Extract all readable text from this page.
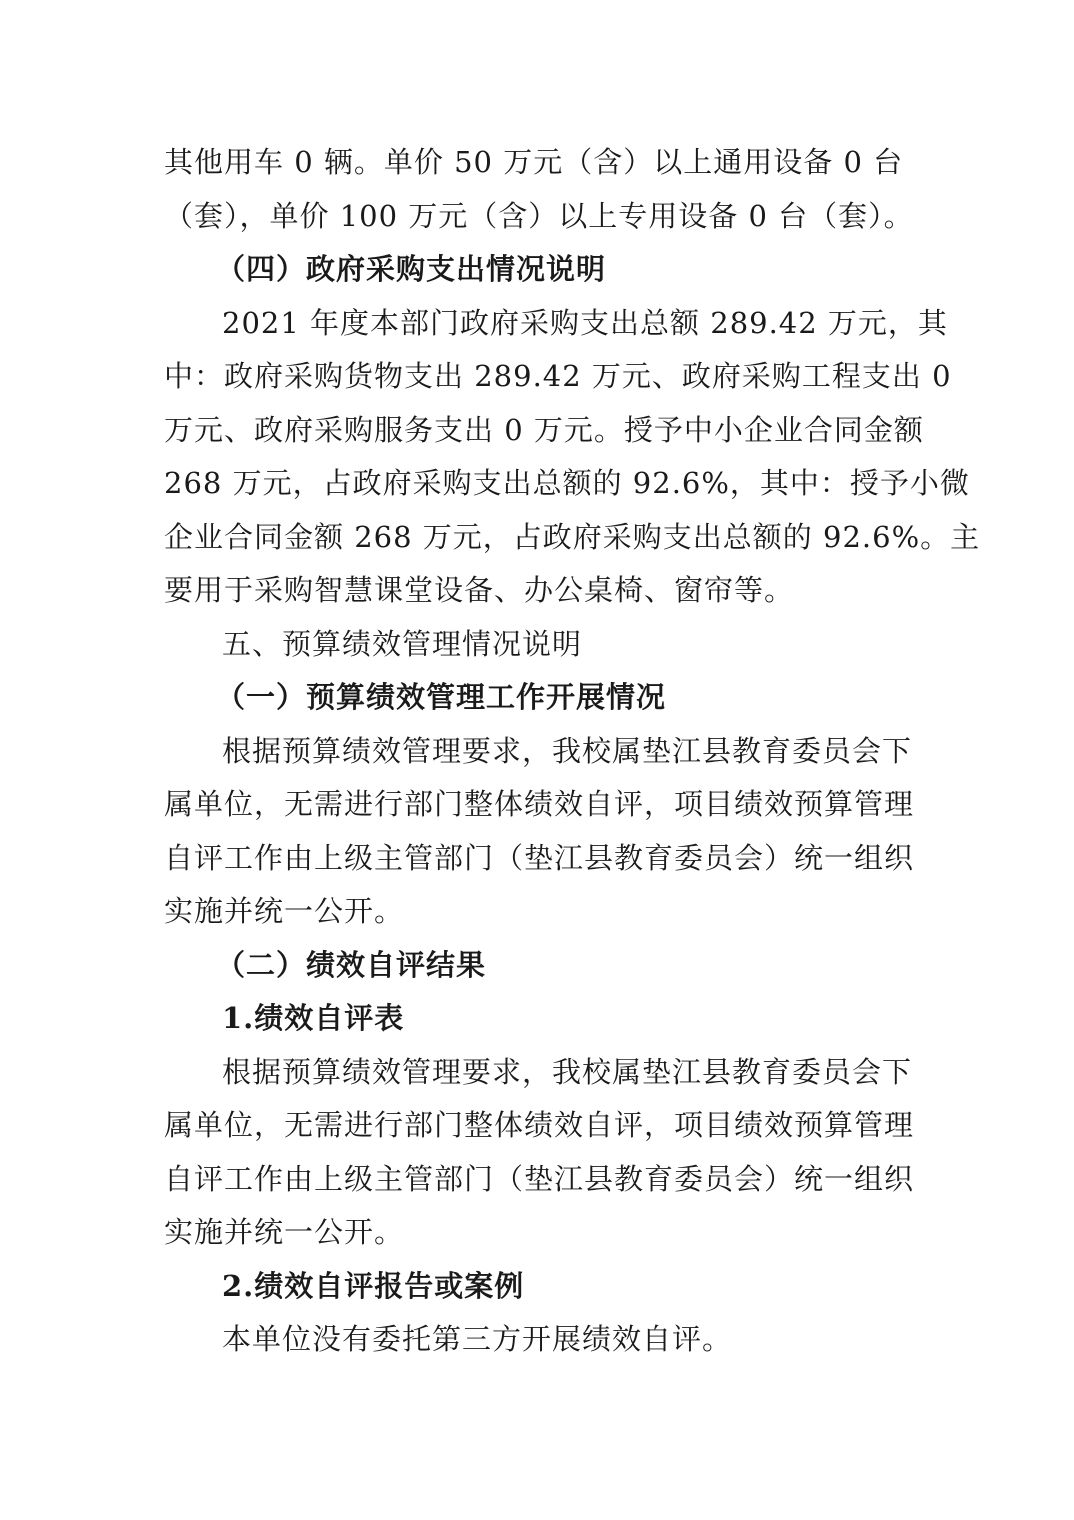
其他用车 0 辆。单价 50 万元（含）以上通用设备 0 台
（套），单价 100 万元（含）以上专用设备 0 台（套）。
（四）政府采购支出情况说明
2021 年度本部门政府采购支出总额 289.42 万元，其
中：政府采购货物支出 289.42 万元、政府采购工程支出 0
万元、政府采购服务支出 0 万元。授予中小企业合同金额
268 万元，占政府采购支出总额的 92.6%，其中：授予小微
企业合同金额 268 万元，占政府采购支出总额的 92.6%。主
要用于采购智慧课堂设备、办公桌椅、窗帘等。
五、预算绩效管理情况说明
（一）预算绩效管理工作开展情况
根据预算绩效管理要求，我校属垫江县教育委员会下
属单位，无需进行部门整体绩效自评，项目绩效预算管理
自评工作由上级主管部门（垫江县教育委员会）统一组织
实施并统一公开。
（二）绩效自评结果
1.绩效自评表
根据预算绩效管理要求，我校属垫江县教育委员会下
属单位，无需进行部门整体绩效自评，项目绩效预算管理
自评工作由上级主管部门（垫江县教育委员会）统一组织
实施并统一公开。
2.绩效自评报告或案例
本单位没有委托第三方开展绩效自评。
